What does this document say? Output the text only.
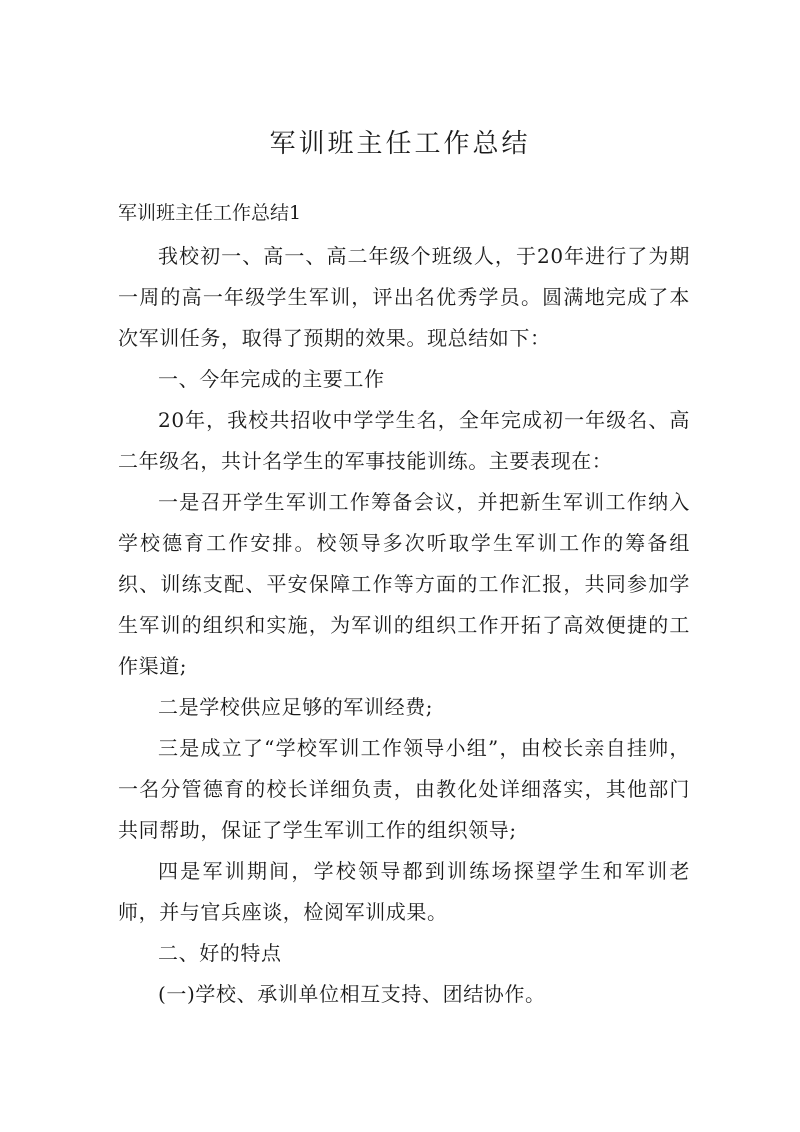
军训班主任工作总结

军训班主任工作总结1

我校初一、高一、高二年级个班级人，于20年进行了为期一周的高一年级学生军训，评出名优秀学员。圆满地完成了本次军训任务，取得了预期的效果。现总结如下：

一、今年完成的主要工作

20年，我校共招收中学学生名，全年完成初一年级名、高二年级名，共计名学生的军事技能训练。主要表现在：

一是召开学生军训工作筹备会议，并把新生军训工作纳入学校德育工作安排。校领导多次听取学生军训工作的筹备组织、训练支配、平安保障工作等方面的工作汇报，共同参加学生军训的组织和实施，为军训的组织工作开拓了高效便捷的工作渠道;

二是学校供应足够的军训经费;

三是成立了“学校军训工作领导小组”，由校长亲自挂帅，一名分管德育的校长详细负责，由教化处详细落实，其他部门共同帮助，保证了学生军训工作的组织领导;

四是军训期间，学校领导都到训练场探望学生和军训老师，并与官兵座谈，检阅军训成果。

二、好的特点

(一)学校、承训单位相互支持、团结协作。
